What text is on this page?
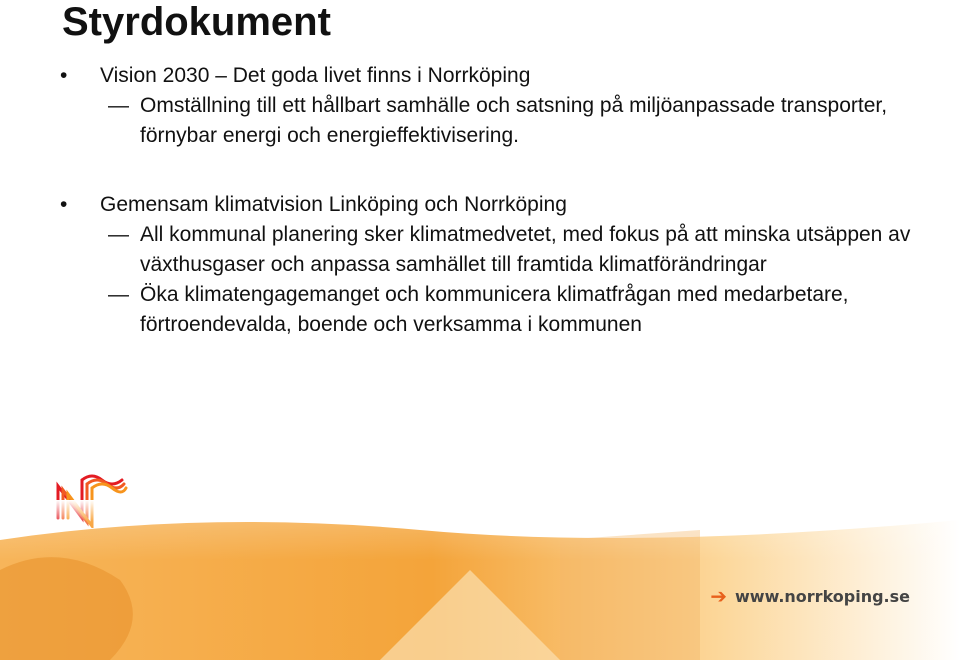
Styrdokument

• Vision 2030 – Det goda livet finns i Norrköping

— Omställning till ett hållbart samhälle och satsning på miljöanpassade transporter, förnybar energi och energieffektivisering.

• Gemensam klimatvision Linköping och Norrköping

— All kommunal planering sker klimatmedvetet, med fokus på att minska utsäppen av växthusgaser och anpassa samhället till framtida klimatförändringar

— Öka klimatengagemanget och kommunicera klimatfrågan med medarbetare, förtroendevalda, boende och verksamma i kommunen

➔ www.norrkoping.se
